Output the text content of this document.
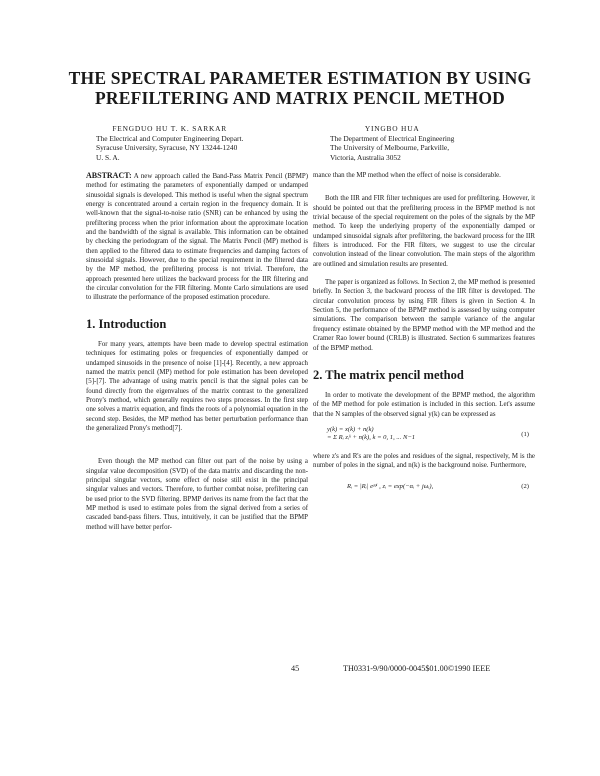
THE SPECTRAL PARAMETER ESTIMATION BY USING
PREFILTERING AND MATRIX PENCIL METHOD
FENGDUO HU T. K. SARKAR
The Electrical and Computer Engineering Depart.
Syracuse University, Syracuse, NY 13244-1240
U. S. A.
YINGBO HUA
The Department of Electrical Engineering
The University of Melbourne, Parkville,
Victoria, Australia 3052

ABSTRACT: A new approach called the Band-Pass Matrix Pencil (BPMP) method for estimating the parameters of exponentially damped or undamped sinusoidal signals is developed. This method is useful when the signal spectrum energy is concentrated around a certain region in the frequency domain. It is well-known that the signal-to-noise ratio (SNR) can be enhanced by using the prefiltering process when the prior information about the approximate location and the bandwidth of the signal is available. This information can be obtained by checking the periodogram of the signal. The Matrix Pencil (MP) method is then applied to the filtered data to estimate frequencies and damping factors of sinusoidal signals. However, due to the special requirement in the filtered data by the MP method, the prefiltering process is not trivial. Therefore, the approach presented here utilizes the backward process for the IIR filtering and the circular convolution for the FIR filtering. Monte Carlo simulations are used to illustrate the performance of the proposed estimation procedure.

1. Introduction

For many years, attempts have been made to develop spectral estimation techniques for estimating poles or frequencies of exponentially damped or undamped sinusoids in the presence of noise [1]-[4]. Recently, a new approach named the matrix pencil (MP) method for pole estimation has been developed [5]-[7]. The advantage of using matrix pencil is that the signal poles can be found directly from the eigenvalues of the matrix contrast to the generalized Prony's method, which generally requires two steps processes. In the first step one solves a matrix equation, and finds the roots of a polynomial equation in the second step. Besides, the MP method has better perturbation performance than the generalized Prony's method[7].

Even though the MP method can filter out part of the noise by using a singular value decomposition (SVD) of the data matrix and discarding the non-principal singular vectors, some effect of noise still exist in the principal singular values and vectors. Therefore, to further combat noise, prefiltering can be used prior to the SVD filtering. BPMP derives its name from the fact that the MP method is used to estimate poles from the signal derived from a series of cascaded band-pass filters. Thus, intuitively, it can be justified that the BPMP method will have better perfor-

mance than the MP method when the effect of noise is considerable.

Both the IIR and FIR filter techniques are used for prefiltering. However, it should be pointed out that the prefiltering process in the BPMP method is not trivial because of the special requirement on the poles of the signals by the MP method. To keep the underlying property of the exponentially damped or undamped sinusoidal signals after prefiltering, the backward process for the IIR filters is introduced. For the FIR filters, we suggest to use the circular convolution instead of the linear convolution. The main steps of the algorithm are outlined and simulation results are presented.

The paper is organized as follows. In Section 2, the MP method is presented briefly. In Section 3, the backward process of the IIR filter is developed. The circular convolution process by using FIR filters is given in Section 4. In Section 5, the performance of the BPMP method is assessed by using computer simulations. The comparison between the sample variance of the angular frequency estimate obtained by the BPMP method with the MP method and the Cramer Rao lower bound (CRLB) is illustrated. Section 6 summarizes features of the BPMP method.

2. The matrix pencil method

In order to motivate the development of the BPMP method, the algorithm of the MP method for pole estimation is included in this section. Let's assume that the N samples of the observed signal y(k) can be expressed as

y(k) = x(k) + n(k)
= Σ Rᵢ zᵢᵏ + n(k), k = 0, 1, ... N−1	(1)

where z's and R's are the poles and residues of the signal, respectively, M is the number of poles in the signal, and n(k) is the background noise. Furthermore,

Rᵢ = |Rᵢ| eʲᵠⁱ , zᵢ = exp(−αᵢ + jωᵢ),	(2)
45	TH0331-9/90/0000-0045$01.00©1990 IEEE
